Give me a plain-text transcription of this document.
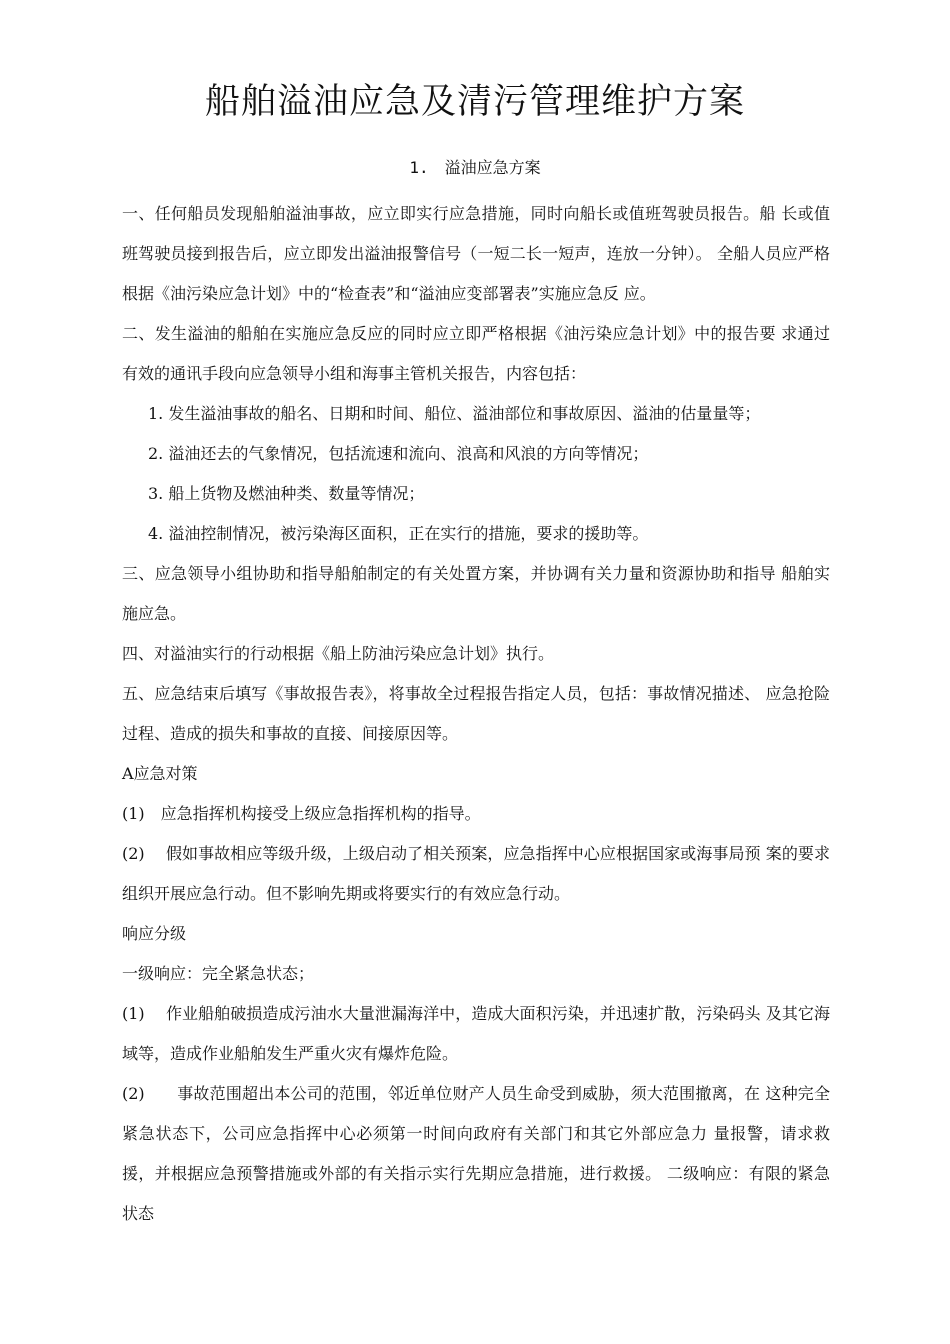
船舶溢油应急及清污管理维护方案
1. 溢油应急方案

一、任何船员发现船舶溢油事故，应立即实行应急措施，同时向船长或值班驾驶员报告。船 长或值班驾驶员接到报告后，应立即发出溢油报警信号（一短二长一短声，连放一分钟）。 全船人员应严格根据《油污染应急计划》中的“检查表”和“溢油应变部署表”实施应急反 应。

二、发生溢油的船舶在实施应急反应的同时应立即严格根据《油污染应急计划》中的报告要 求通过有效的通讯手段向应急领导小组和海事主管机关报告，内容包括：

1. 发生溢油事故的船名、日期和时间、船位、溢油部位和事故原因、溢油的估量量等；

2. 溢油还去的气象情况，包括流速和流向、浪高和风浪的方向等情况；

3. 船上货物及燃油种类、数量等情况；

4. 溢油控制情况，被污染海区面积，正在实行的措施，要求的援助等。

三、应急领导小组协助和指导船舶制定的有关处置方案，并协调有关力量和资源协助和指导 船舶实施应急。

四、对溢油实行的行动根据《船上防油污染应急计划》执行。

五、应急结束后填写《事故报告表》，将事故全过程报告指定人员，包括：事故情况描述、 应急抢险过程、造成的损失和事故的直接、间接原因等。

A应急对策

(1)　应急指挥机构接受上级应急指挥机构的指导。

(2)　 假如事故相应等级升级，上级启动了相关预案，应急指挥中心应根据国家或海事局预 案的要求组织开展应急行动。但不影响先期或将要实行的有效应急行动。

响应分级

一级响应：完全紧急状态；

(1)　 作业船舶破损造成污油水大量泄漏海洋中，造成大面积污染，并迅速扩散，污染码头 及其它海域等，造成作业船舶发生严重火灾有爆炸危险。

(2)　　事故范围超出本公司的范围，邻近单位财产人员生命受到威胁，须大范围撤离，在 这种完全紧急状态下，公司应急指挥中心必须第一时间向政府有关部门和其它外部应急力 量报警，请求救援，并根据应急预警措施或外部的有关指示实行先期应急措施，进行救援。 二级响应：有限的紧急状态
